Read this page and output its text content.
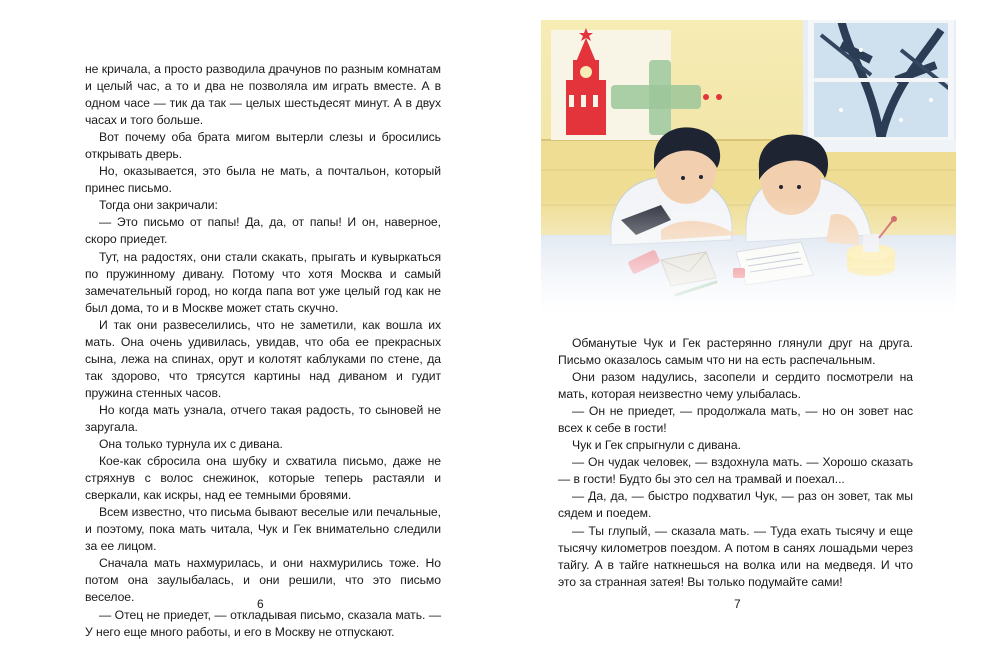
не кричала, а просто разводила драчунов по разным комнатам и целый час, а то и два не позволяла им играть вместе. А в одном часе — тик да так — целых шестьдесят минут. А в двух часах и того больше.

Вот почему оба брата мигом вытерли слезы и бросились открывать дверь.

Но, оказывается, это была не мать, а почтальон, который принес письмо.

Тогда они закричали:

— Это письмо от папы! Да, да, от папы! И он, наверное, скоро приедет.

Тут, на радостях, они стали скакать, прыгать и кувыркаться по пружинному дивану. Потому что хотя Москва и самый замечательный город, но когда папа вот уже целый год как не был дома, то и в Москве может стать скучно.

И так они развеселились, что не заметили, как вошла их мать. Она очень удивилась, увидав, что оба ее прекрасных сына, лежа на спинах, орут и колотят каблуками по стене, да так здорово, что трясутся картины над диваном и гудит пружина стенных часов.

Но когда мать узнала, отчего такая радость, то сыновей не заругала.

Она только турнула их с дивана.

Кое-как сбросила она шубку и схватила письмо, даже не стряхнув с волос снежинок, которые теперь растаяли и сверкали, как искры, над ее темными бровями.

Всем известно, что письма бывают веселые или печальные, и поэтому, пока мать читала, Чук и Гек внимательно следили за ее лицом.

Сначала мать нахмурилась, и они нахмурились тоже. Но потом она заулыбалась, и они решили, что это письмо веселое.

— Отец не приедет, — откладывая письмо, сказала мать. — У него еще много работы, и его в Москву не отпускают.

6

Обманутые Чук и Гек растерянно глянули друг на друга. Письмо оказалось самым что ни на есть распечальным.

Они разом надулись, засопели и сердито посмотрели на мать, которая неизвестно чему улыбалась.

— Он не приедет, — продолжала мать, — но он зовет нас всех к себе в гости!

Чук и Гек спрыгнули с дивана.

— Он чудак человек, — вздохнула мать. — Хорошо сказать — в гости! Будто бы это сел на трамвай и поехал...

— Да, да, — быстро подхватил Чук, — раз он зовет, так мы сядем и поедем.

— Ты глупый, — сказала мать. — Туда ехать тысячу и еще тысячу километров поездом. А потом в санях лошадьми через тайгу. А в тайге наткнешься на волка или на медведя. И что это за странная затея! Вы только подумайте сами!

7
